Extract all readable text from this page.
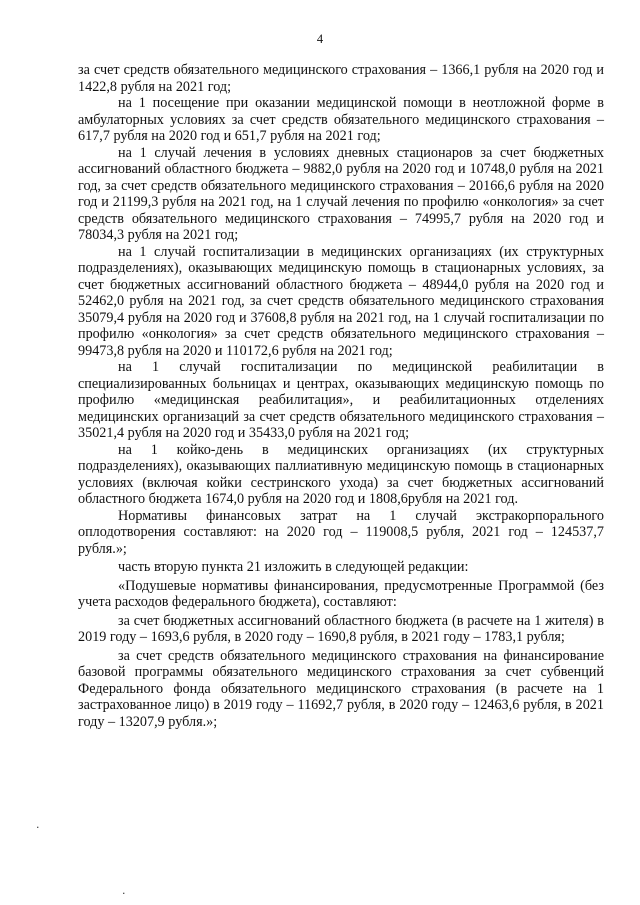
4

за счет средств обязательного медицинского страхования – 1366,1 рубля на 2020 год и 1422,8 рубля на 2021 год;

на 1 посещение при оказании медицинской помощи в неотложной форме в амбулаторных условиях за счет средств обязательного медицинского страхования – 617,7 рубля на 2020 год и 651,7 рубля на 2021 год;

на 1 случай лечения в условиях дневных стационаров за счет бюджетных ассигнований областного бюджета – 9882,0 рубля на 2020 год и 10748,0 рубля на 2021 год, за счет средств обязательного медицинского страхования – 20166,6 рубля на 2020 год и 21199,3 рубля на 2021 год, на 1 случай лечения по профилю «онкология» за счет средств обязательного медицинского страхования – 74995,7 рубля на 2020 год и 78034,3 рубля на 2021 год;

на 1 случай госпитализации в медицинских организациях (их структурных подразделениях), оказывающих медицинскую помощь в стационарных условиях, за счет бюджетных ассигнований областного бюджета – 48944,0 рубля на 2020 год и 52462,0 рубля на 2021 год, за счет средств обязательного медицинского страхования 35079,4 рубля на 2020 год и 37608,8 рубля на 2021 год, на 1 случай госпитализации по профилю «онкология» за счет средств обязательного медицинского страхования – 99473,8 рубля на 2020 и 110172,6 рубля на 2021 год;

на 1 случай госпитализации по медицинской реабилитации в специализированных больницах и центрах, оказывающих медицинскую помощь по профилю «медицинская реабилитация», и реабилитационных отделениях медицинских организаций за счет средств обязательного медицинского страхования – 35021,4 рубля на 2020 год и 35433,0 рубля на 2021 год;

на 1 койко-день в медицинских организациях (их структурных подразделениях), оказывающих паллиативную медицинскую помощь в стационарных условиях (включая койки сестринского ухода) за счет бюджетных ассигнований областного бюджета 1674,0 рубля на 2020 год и 1808,6рубля на 2021 год.

Нормативы финансовых затрат на 1 случай экстракорпорального оплодотворения составляют: на 2020 год – 119008,5 рубля, 2021 год – 124537,7 рубля.»;

часть вторую пункта 21 изложить в следующей редакции:

«Подушевые нормативы финансирования, предусмотренные Программой (без учета расходов федерального бюджета), составляют:

за счет бюджетных ассигнований областного бюджета (в расчете на 1 жителя) в 2019 году – 1693,6 рубля, в 2020 году – 1690,8 рубля, в 2021 году – 1783,1 рубля;

за счет средств обязательного медицинского страхования на финансирование базовой программы обязательного медицинского страхования за счет субвенций Федерального фонда обязательного медицинского страхования (в расчете на 1 застрахованное лицо) в 2019 году – 11692,7 рубля, в 2020 году – 12463,6 рубля, в 2021 году – 13207,9 рубля.»;

.
.
